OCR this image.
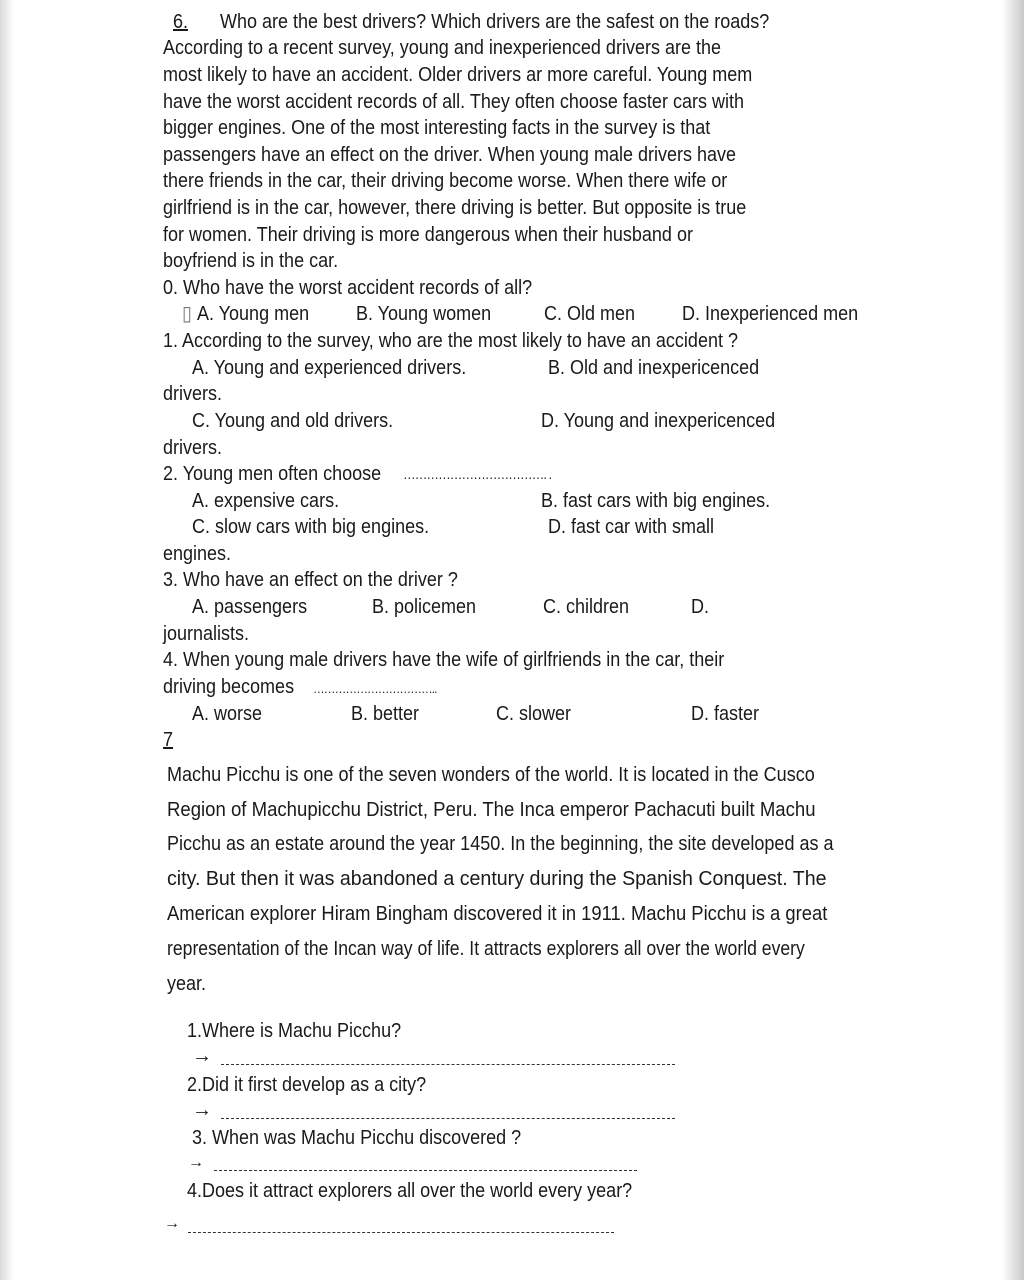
6. Who are the best drivers? Which drivers are the safest on the roads?
According to a recent survey, young and inexperienced drivers are the
most likely to have an accident. Older drivers ar more careful. Young mem
have the worst accident records of all. They often choose faster cars with
bigger engines. One of the most interesting facts in the survey is that
passengers have an effect on the driver. When young male drivers have
there friends in the car, their driving become worse. When there wife or
girlfriend is in the car, however, there driving is better. But opposite is true
for women. Their driving is more dangerous when their husband or
boyfriend is in the car.
0. Who have the worst accident records of all?
▯ A. Young men B. Young women	C. Old men D. Inexperienced men
1. According to the survey, who are the most likely to have an accident ?
A. Young and experienced drivers.	B. Old and inexpericenced
drivers.
C. Young and old drivers.	D. Young and inexpericenced
drivers.
2. Young men often choose ………………………………. .
A. expensive cars.	B. fast cars with big engines.
C. slow cars with big engines.	D. fast car with small
engines.
3. Who have an effect on the driver ?
A. passengers	B. policemen	C. children	D.
journalists.
4. When young male drivers have the wife of girlfriends in the car, their
driving becomes ……………………………..
A. worse	B. better	C. slower	D. faster
7
Machu Picchu is one of the seven wonders of the world. It is located in the Cusco
Region of Machupicchu District, Peru. The Inca emperor Pachacuti built Machu
Picchu as an estate around the year 1450. In the beginning, the site developed as a
city. But then it was abandoned a century during the Spanish Conquest. The
American explorer Hiram Bingham discovered it in 1911. Machu Picchu is a great
representation of the Incan way of life. It attracts explorers all over the world every
year.
1.Where is Machu Picchu?
→
2.Did it first develop as a city?
→
3. When was Machu Picchu discovered ?
→
4.Does it attract explorers all over the world every year?
→
